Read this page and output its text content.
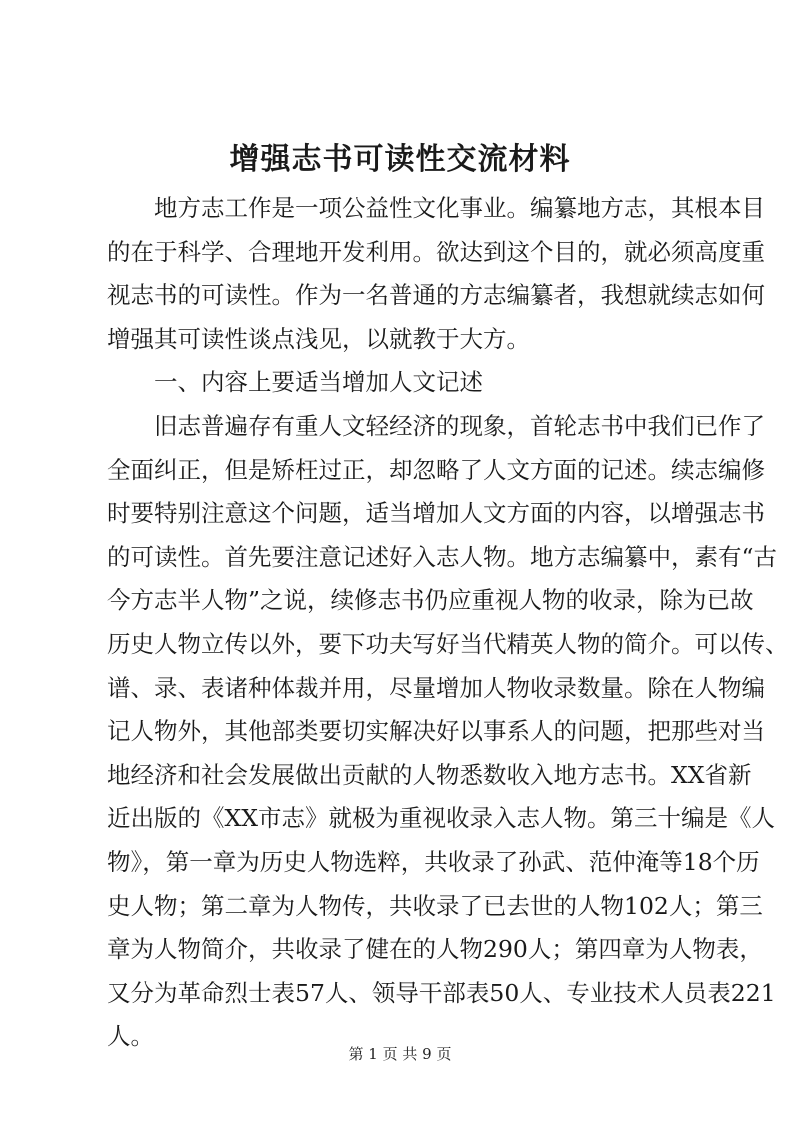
增强志书可读性交流材料
地方志工作是一项公益性文化事业。编纂地方志，其根本目
的在于科学、合理地开发利用。欲达到这个目的，就必须高度重
视志书的可读性。作为一名普通的方志编纂者，我想就续志如何
增强其可读性谈点浅见，以就教于大方。
一、内容上要适当增加人文记述
旧志普遍存有重人文轻经济的现象，首轮志书中我们已作了
全面纠正，但是矫枉过正，却忽略了人文方面的记述。续志编修
时要特别注意这个问题，适当增加人文方面的内容，以增强志书
的可读性。首先要注意记述好入志人物。地方志编纂中，素有“古
今方志半人物”之说，续修志书仍应重视人物的收录，除为已故
历史人物立传以外，要下功夫写好当代精英人物的简介。可以传、
谱、录、表诸种体裁并用，尽量增加人物收录数量。除在人物编
记人物外，其他部类要切实解决好以事系人的问题，把那些对当
地经济和社会发展做出贡献的人物悉数收入地方志书。XX省新
近出版的《XX市志》就极为重视收录入志人物。第三十编是《人
物》，第一章为历史人物选粹，共收录了孙武、范仲淹等18个历
史人物；第二章为人物传，共收录了已去世的人物102人；第三
章为人物简介，共收录了健在的人物290人；第四章为人物表，
又分为革命烈士表57人、领导干部表50人、专业技术人员表221
人。
第 1 页 共 9 页
